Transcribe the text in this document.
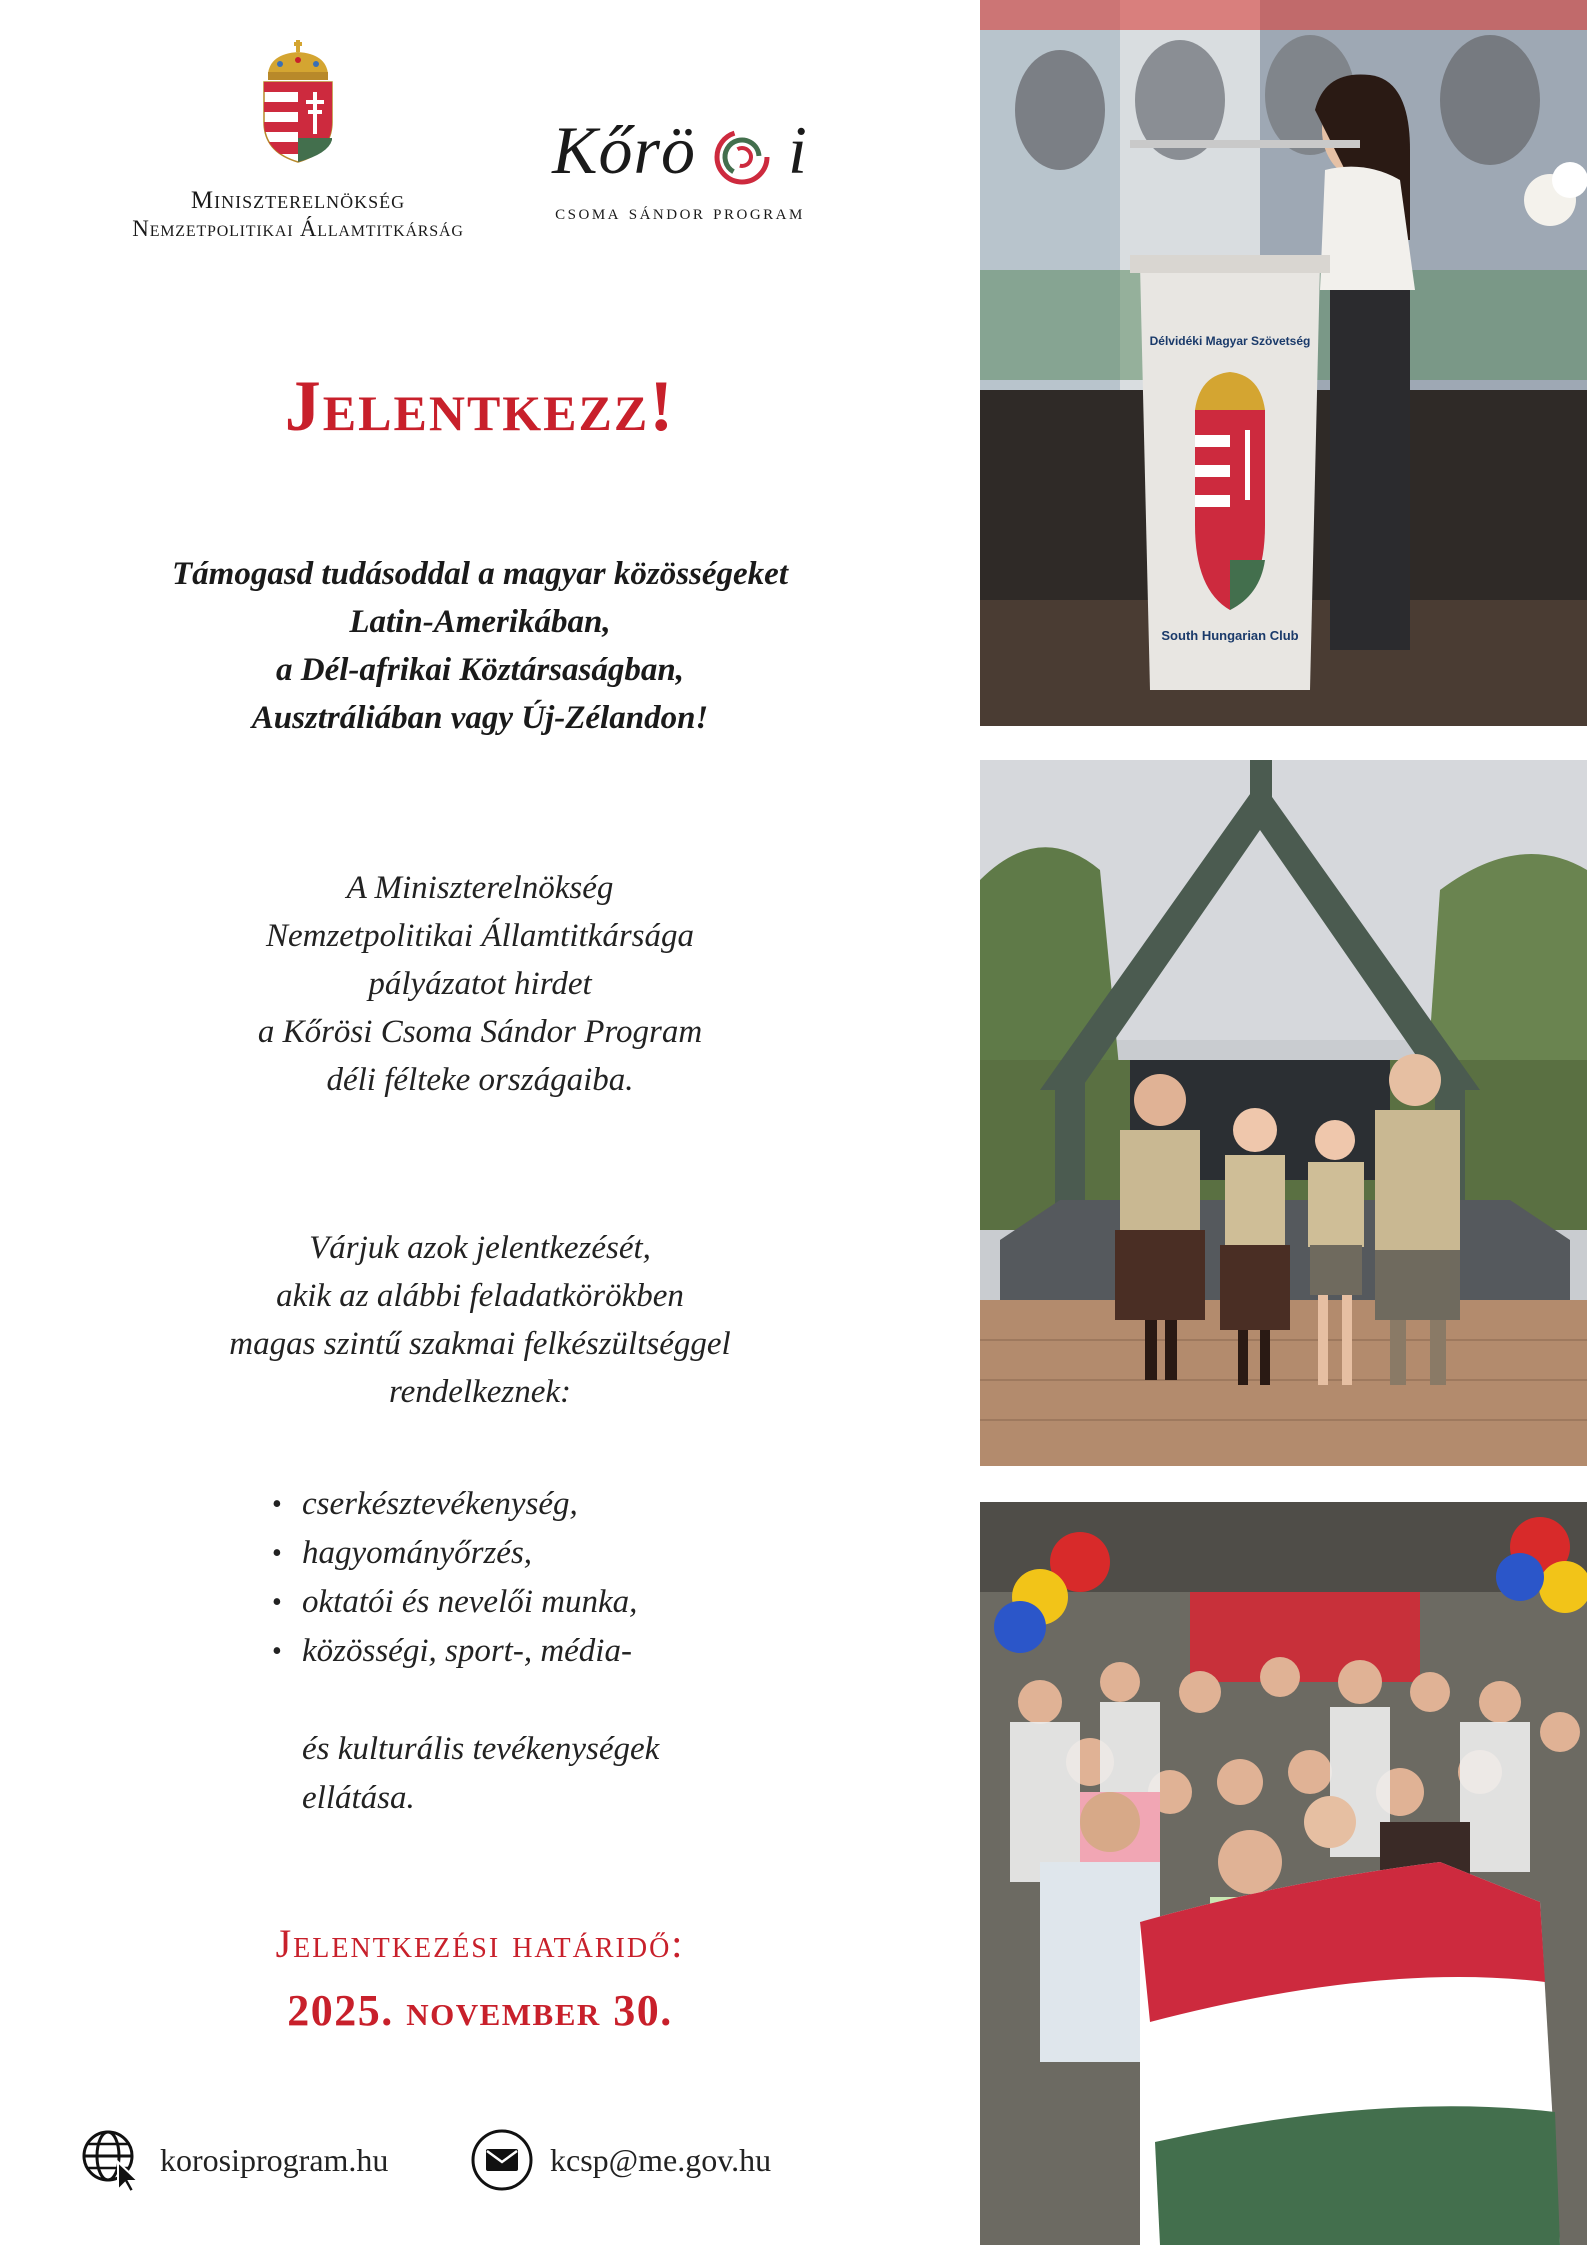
Miniszterelnökség
Nemzetpolitikai Államtitkárság
Kőrö i
csoma sándor program
Jelentkezz!
Támogasd tudásoddal a magyar közösségeket
Latin-Amerikában,
a Dél-afrikai Köztársaságban,
Ausztráliában vagy Új-Zélandon!
A Miniszterelnökség
Nemzetpolitikai Államtitkársága
pályázatot hirdet
a Kőrösi Csoma Sándor Program
déli félteke országaiba.
Várjuk azok jelentkezését,
akik az alábbi feladatkörökben
magas szintű szakmai felkészültséggel
rendelkeznek:
• cserkésztevékenység,
• hagyományőrzés,
• oktatói és nevelői munka,
• közösségi, sport-, média-
és kulturális tevékenységek
ellátása.
Jelentkezési határidő:
2025. november 30.
korosiprogram.hu	kcsp@me.gov.hu
Délvidéki Magyar Szövetség
South Hungarian Club
